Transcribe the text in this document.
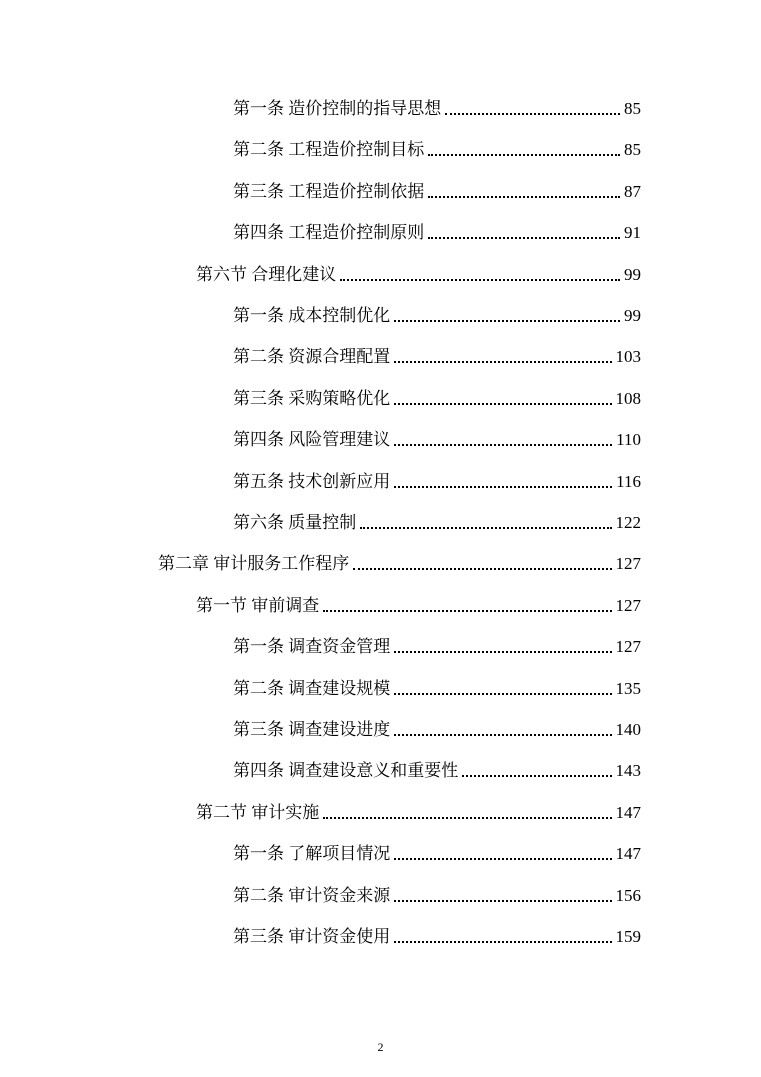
第一条 造价控制的指导思想	85
第二条 工程造价控制目标	85
第三条 工程造价控制依据	87
第四条 工程造价控制原则	91
第六节 合理化建议	99
第一条 成本控制优化	99
第二条 资源合理配置	103
第三条 采购策略优化	108
第四条 风险管理建议	110
第五条 技术创新应用	116
第六条 质量控制	122
第二章 审计服务工作程序	127
第一节 审前调查	127
第一条 调查资金管理	127
第二条 调查建设规模	135
第三条 调查建设进度	140
第四条 调查建设意义和重要性	143
第二节 审计实施	147
第一条 了解项目情况	147
第二条 审计资金来源	156
第三条 审计资金使用	159
2
